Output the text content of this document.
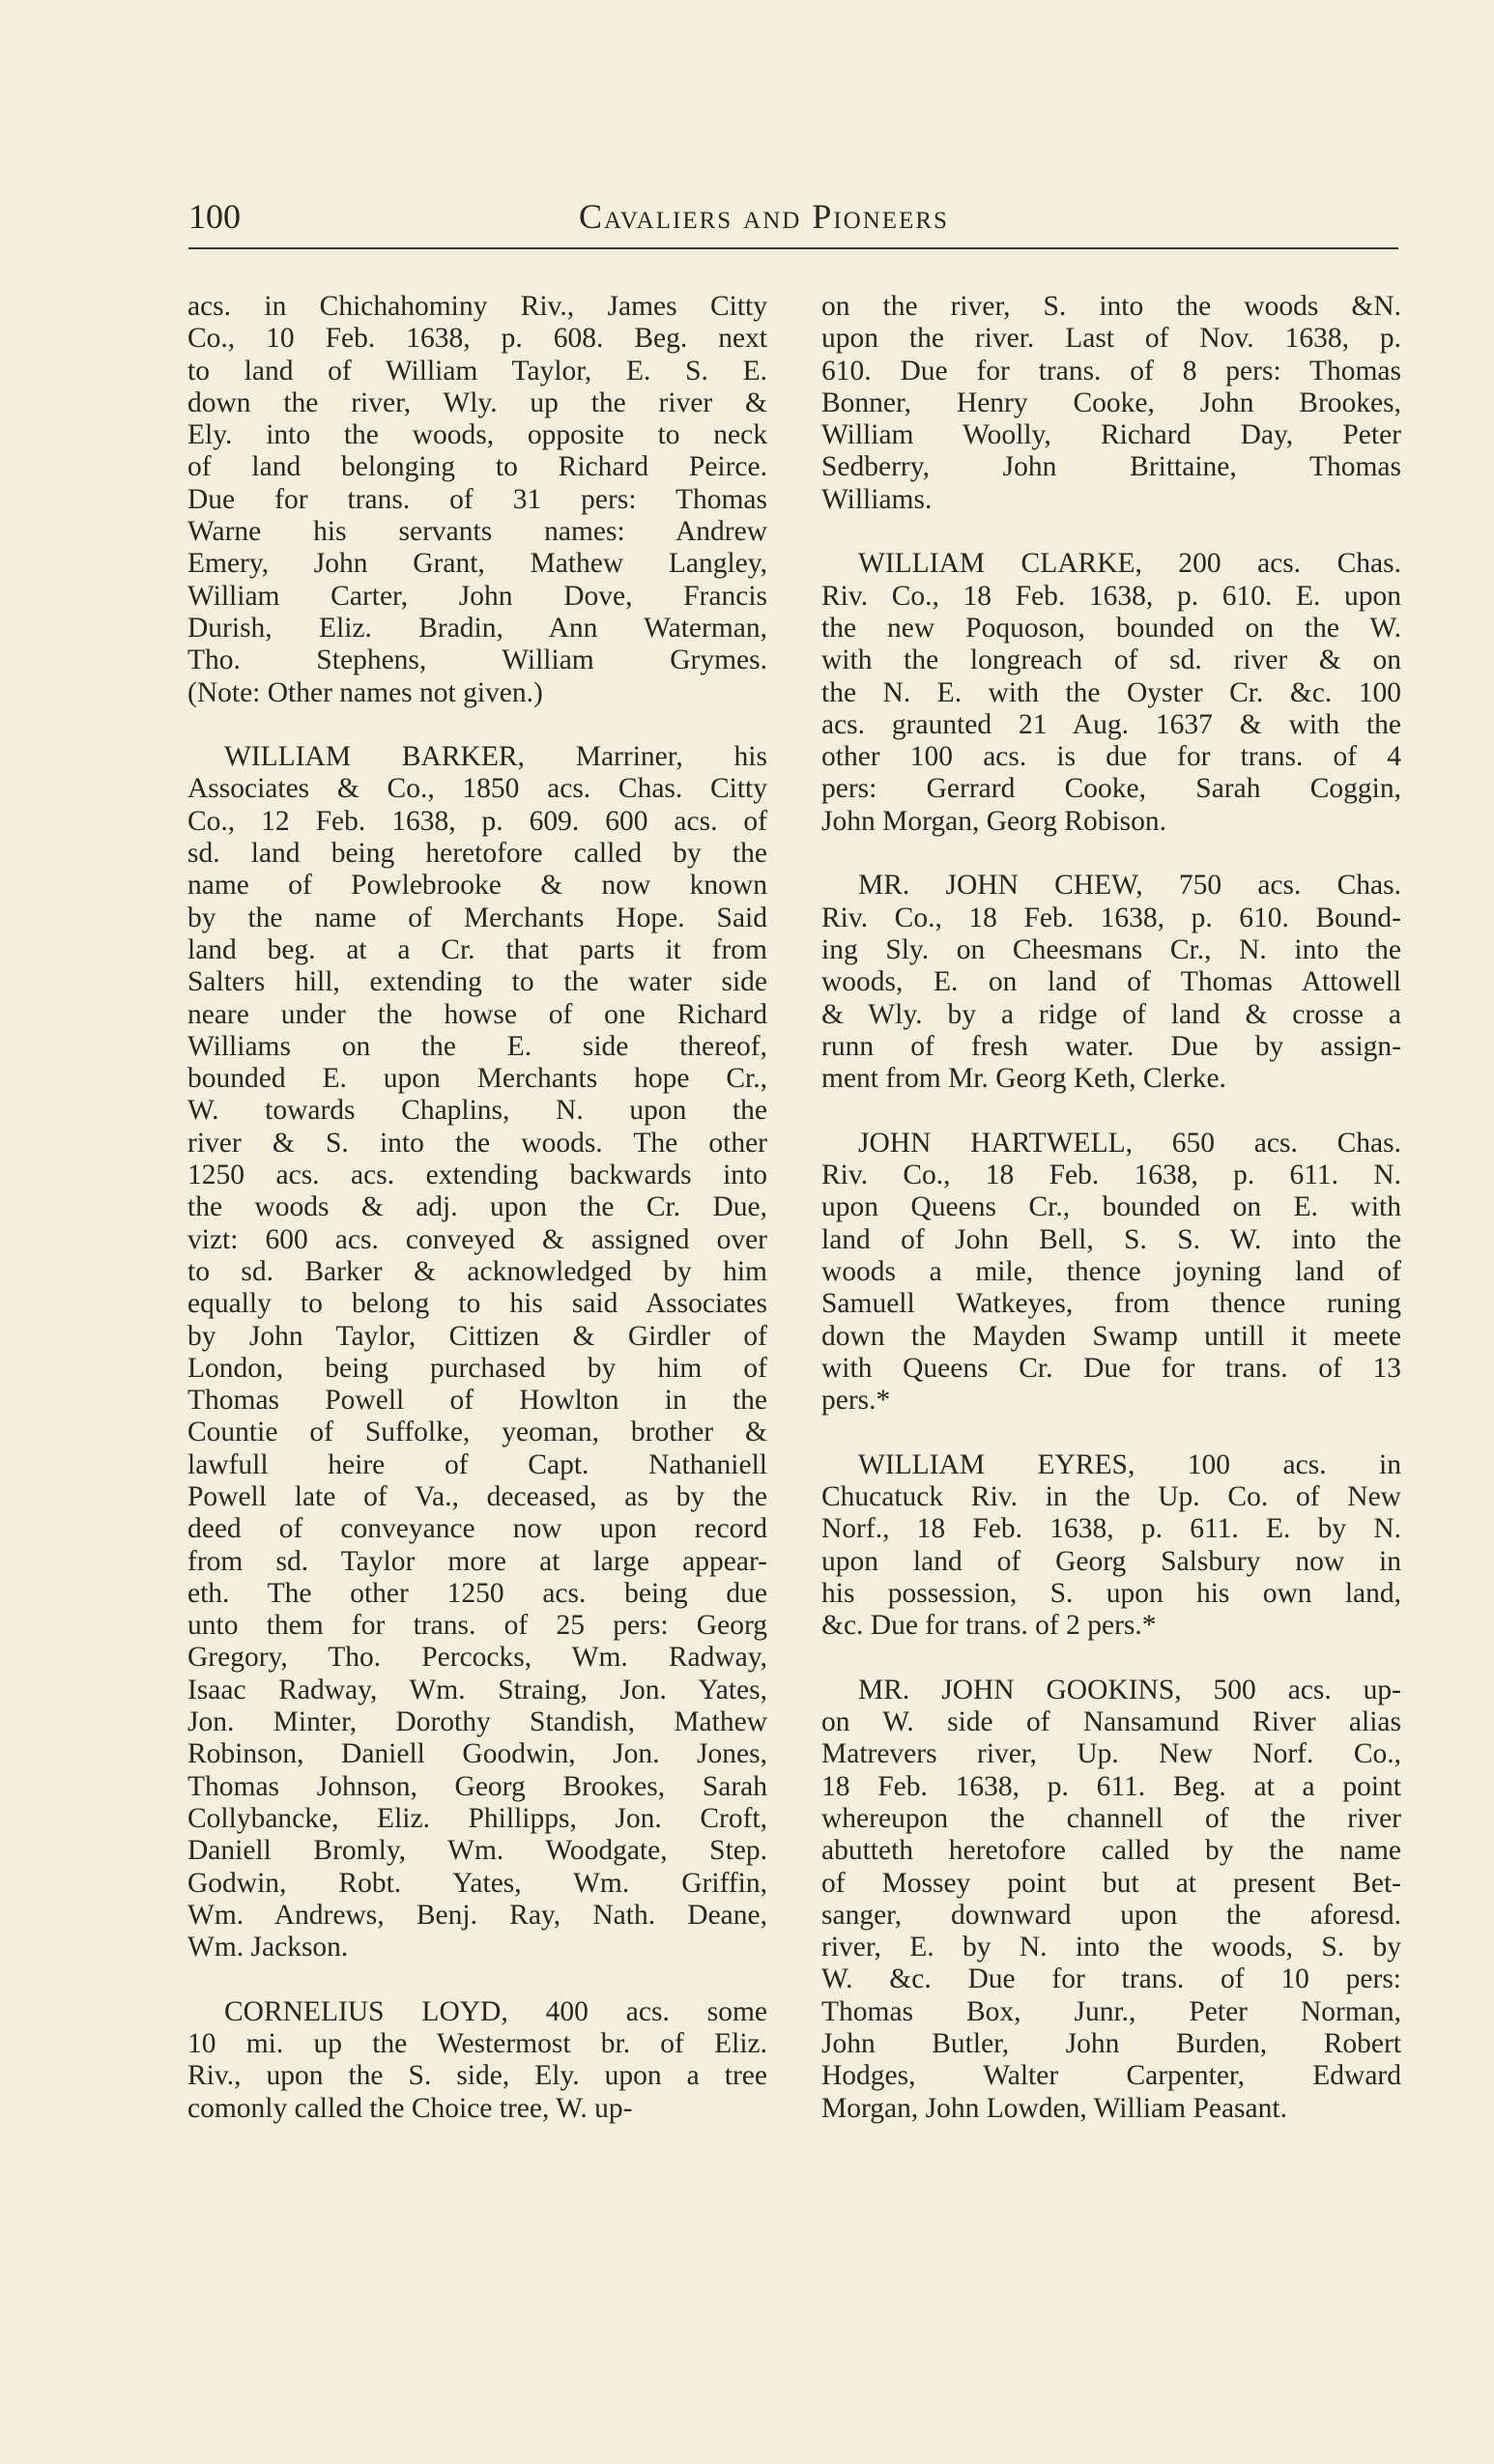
100	Cavaliers and Pioneers
acs. in Chichahominy Riv., James Citty
Co., 10 Feb. 1638, p. 608. Beg. next
to land of William Taylor, E. S. E.
down the river, Wly. up the river &
Ely. into the woods, opposite to neck
of land belonging to Richard Peirce.
Due for trans. of 31 pers: Thomas
Warne his servants names: Andrew
Emery, John Grant, Mathew Langley,
William Carter, John Dove, Francis
Durish, Eliz. Bradin, Ann Waterman,
Tho. Stephens, William Grymes.
(Note: Other names not given.)
WILLIAM BARKER, Marriner, his
Associates & Co., 1850 acs. Chas. Citty
Co., 12 Feb. 1638, p. 609. 600 acs. of
sd. land being heretofore called by the
name of Powlebrooke & now known
by the name of Merchants Hope. Said
land beg. at a Cr. that parts it from
Salters hill, extending to the water side
neare under the howse of one Richard
Williams on the E. side thereof,
bounded E. upon Merchants hope Cr.,
W. towards Chaplins, N. upon the
river & S. into the woods. The other
1250 acs. acs. extending backwards into
the woods & adj. upon the Cr. Due,
vizt: 600 acs. conveyed & assigned over
to sd. Barker & acknowledged by him
equally to belong to his said Associates
by John Taylor, Cittizen & Girdler of
London, being purchased by him of
Thomas Powell of Howlton in the
Countie of Suffolke, yeoman, brother &
lawfull heire of Capt. Nathaniell
Powell late of Va., deceased, as by the
deed of conveyance now upon record
from sd. Taylor more at large appear-
eth. The other 1250 acs. being due
unto them for trans. of 25 pers: Georg
Gregory, Tho. Percocks, Wm. Radway,
Isaac Radway, Wm. Straing, Jon. Yates,
Jon. Minter, Dorothy Standish, Mathew
Robinson, Daniell Goodwin, Jon. Jones,
Thomas Johnson, Georg Brookes, Sarah
Collybancke, Eliz. Phillipps, Jon. Croft,
Daniell Bromly, Wm. Woodgate, Step.
Godwin, Robt. Yates, Wm. Griffin,
Wm. Andrews, Benj. Ray, Nath. Deane,
Wm. Jackson.
CORNELIUS LOYD, 400 acs. some
10 mi. up the Westermost br. of Eliz.
Riv., upon the S. side, Ely. upon a tree
comonly called the Choice tree, W. up-
on the river, S. into the woods &N.
upon the river. Last of Nov. 1638, p.
610. Due for trans. of 8 pers: Thomas
Bonner, Henry Cooke, John Brookes,
William Woolly, Richard Day, Peter
Sedberry, John Brittaine, Thomas
Williams.
WILLIAM CLARKE, 200 acs. Chas.
Riv. Co., 18 Feb. 1638, p. 610. E. upon
the new Poquoson, bounded on the W.
with the longreach of sd. river & on
the N. E. with the Oyster Cr. &c. 100
acs. graunted 21 Aug. 1637 & with the
other 100 acs. is due for trans. of 4
pers: Gerrard Cooke, Sarah Coggin,
John Morgan, Georg Robison.
MR. JOHN CHEW, 750 acs. Chas.
Riv. Co., 18 Feb. 1638, p. 610. Bound-
ing Sly. on Cheesmans Cr., N. into the
woods, E. on land of Thomas Attowell
& Wly. by a ridge of land & crosse a
runn of fresh water. Due by assign-
ment from Mr. Georg Keth, Clerke.
JOHN HARTWELL, 650 acs. Chas.
Riv. Co., 18 Feb. 1638, p. 611. N.
upon Queens Cr., bounded on E. with
land of John Bell, S. S. W. into the
woods a mile, thence joyning land of
Samuell Watkeyes, from thence runing
down the Mayden Swamp untill it meete
with Queens Cr. Due for trans. of 13
pers.*
WILLIAM EYRES, 100 acs. in
Chucatuck Riv. in the Up. Co. of New
Norf., 18 Feb. 1638, p. 611. E. by N.
upon land of Georg Salsbury now in
his possession, S. upon his own land,
&c. Due for trans. of 2 pers.*
MR. JOHN GOOKINS, 500 acs. up-
on W. side of Nansamund River alias
Matrevers river, Up. New Norf. Co.,
18 Feb. 1638, p. 611. Beg. at a point
whereupon the channell of the river
abutteth heretofore called by the name
of Mossey point but at present Bet-
sanger, downward upon the aforesd.
river, E. by N. into the woods, S. by
W. &c. Due for trans. of 10 pers:
Thomas Box, Junr., Peter Norman,
John Butler, John Burden, Robert
Hodges, Walter Carpenter, Edward
Morgan, John Lowden, William Peasant.
